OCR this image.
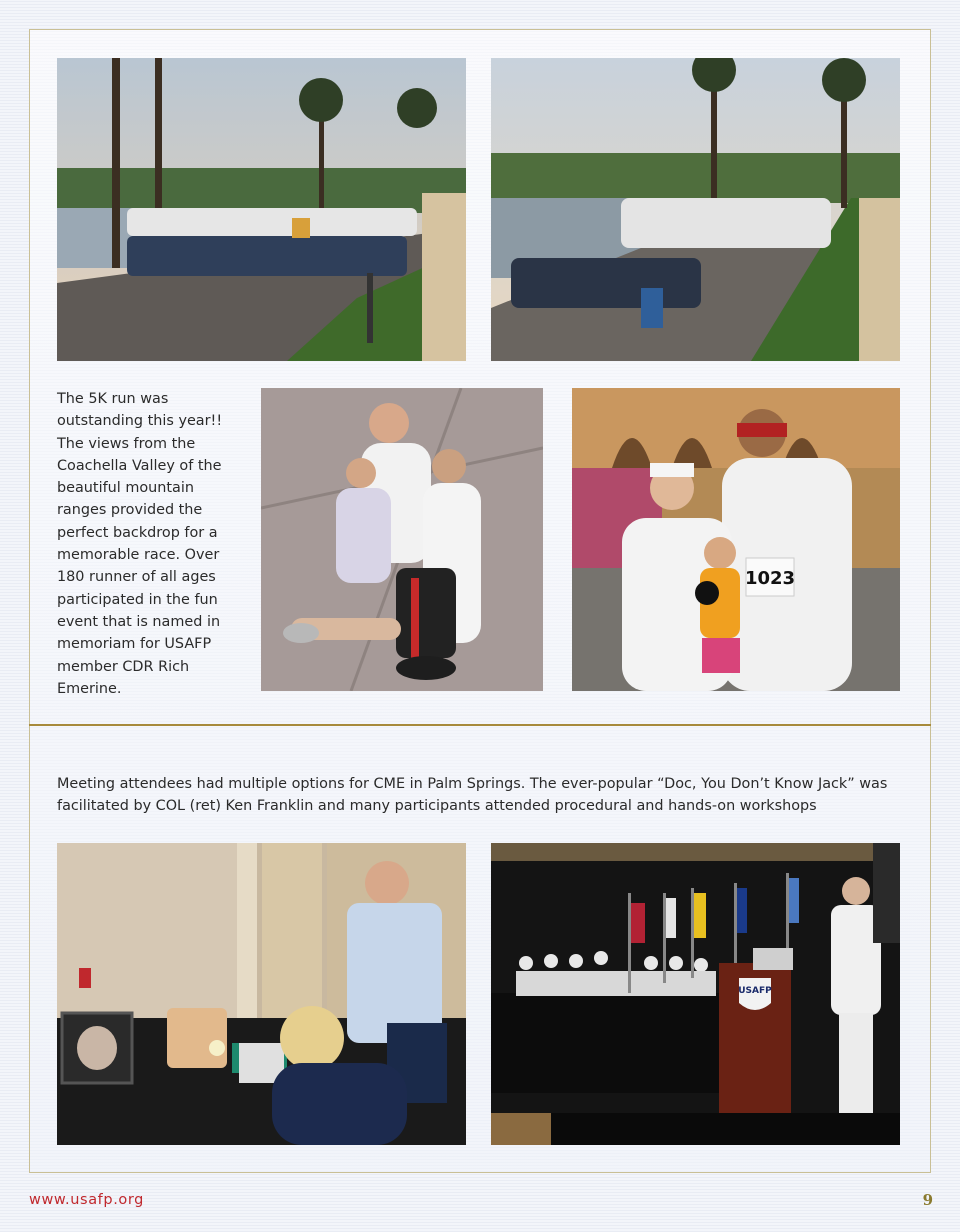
The 5K run was outstanding this year!! The views from the Coachella Valley of the beautiful mountain ranges provided the perfect backdrop for a memorable race. Over 180 runner of all ages participated in the fun event that is named in memoriam for USAFP member CDR Rich Emerine.

1023

Meeting attendees had multiple options for CME in Palm Springs. The ever-popular “Doc, You Don’t Know Jack” was facilitated by COL (ret) Ken Franklin and many participants attended procedural and hands-on workshops

USAFP
www.usafp.org	9
